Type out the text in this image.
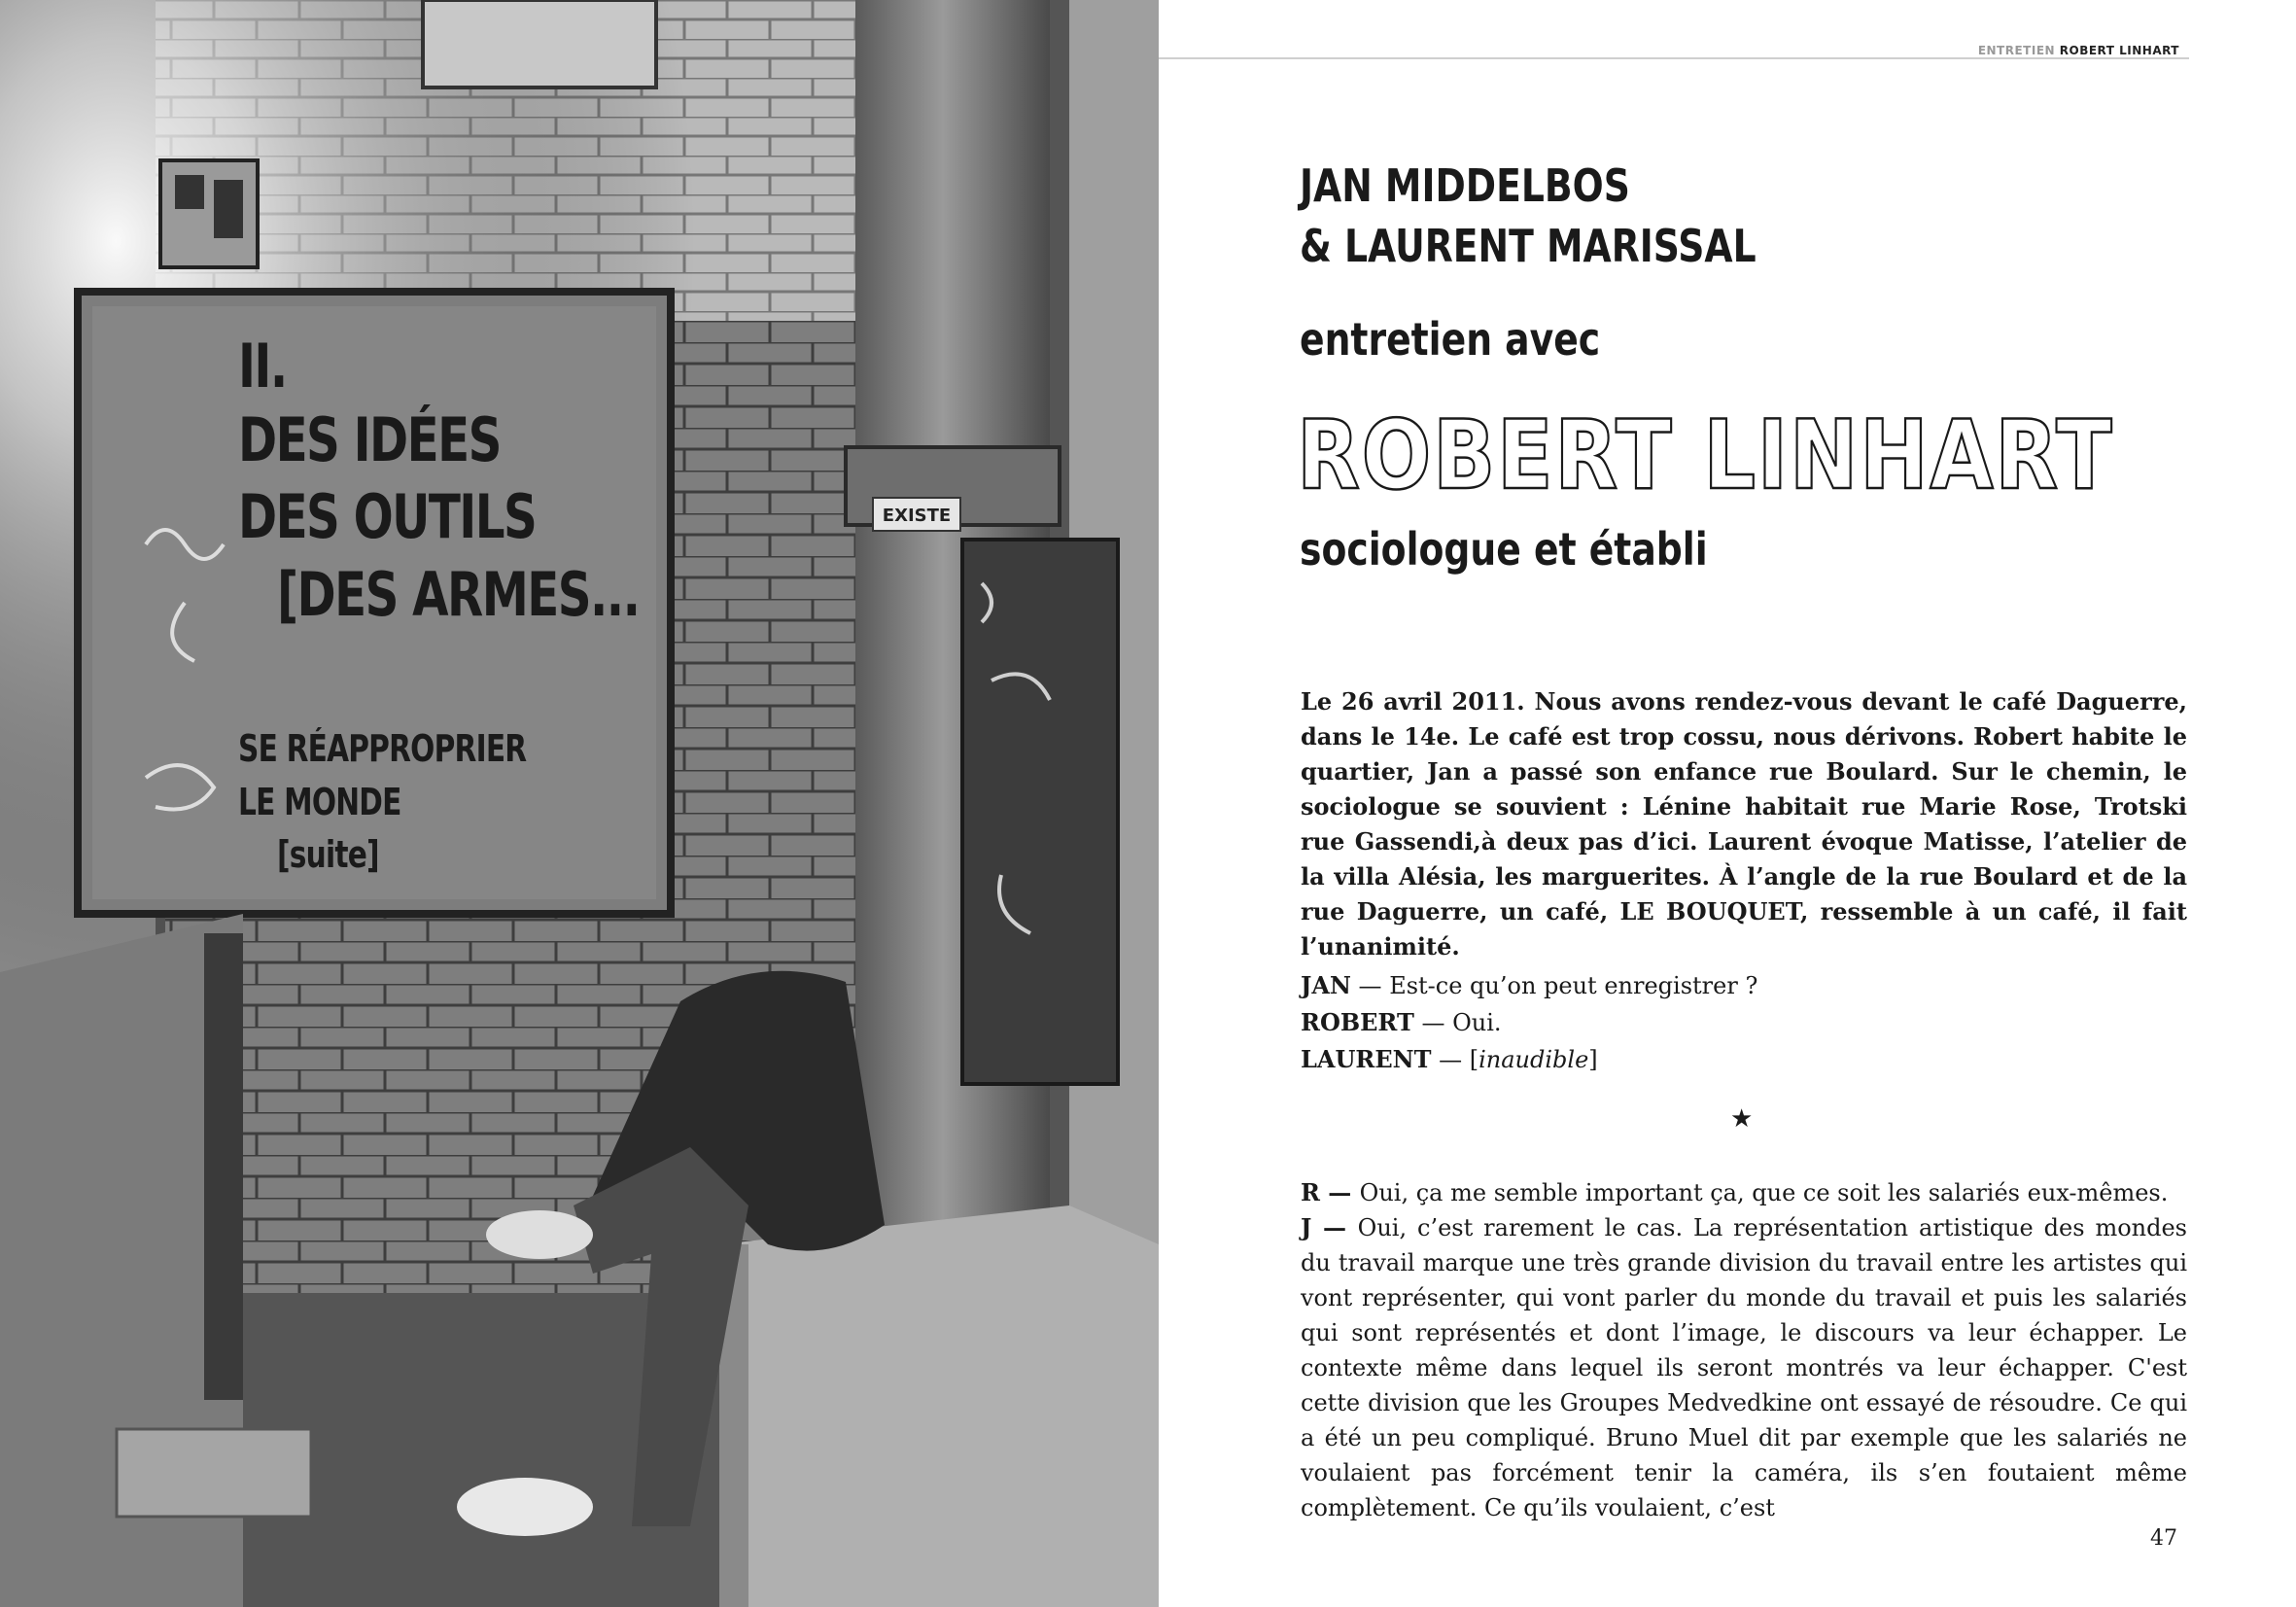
EXISTE
II.
DES IDÉES
DES OUTILS
[DES ARMES...
SE RÉAPPROPRIER
LE MONDE
[suite]
ENTRETIEN ROBERT LINHART
JAN MIDDELBOS
& LAURENT MARISSAL
entretien avec
ROBERT LINHART
sociologue et établi
Le 26 avril 2011. Nous avons rendez-vous devant le café Daguerre, dans le 14e. Le café est trop cossu, nous dérivons. Robert habite le quartier, Jan a passé son enfance rue Boulard. Sur le chemin, le sociologue se souvient : Lénine habitait rue Marie Rose, Trotski rue Gassendi,à deux pas d’ici. Laurent évoque Matisse, l’atelier de la villa Alésia, les marguerites. À l’angle de la rue Boulard et de la rue Daguerre, un café, LE BOUQUET, ressemble à un café, il fait l’unanimité.
JAN — Est-ce qu’on peut enregistrer ?
ROBERT — Oui.
LAURENT — [inaudible]
★

R — Oui, ça me semble important ça, que ce soit les salariés eux-mêmes.

J — Oui, c’est rarement le cas. La représentation artistique des mondes du travail marque une très grande division du travail entre les artistes qui vont représenter, qui vont parler du monde du travail et puis les salariés qui sont représentés et dont l’image, le discours va leur échapper. Le contexte même dans lequel ils seront montrés va leur échapper. C'est cette division que les Groupes Medvedkine ont essayé de résoudre. Ce qui a été un peu compliqué. Bruno Muel dit par exemple que les salariés ne voulaient pas forcément tenir la caméra, ils s’en foutaient même complètement. Ce qu’ils voulaient, c’est

47
